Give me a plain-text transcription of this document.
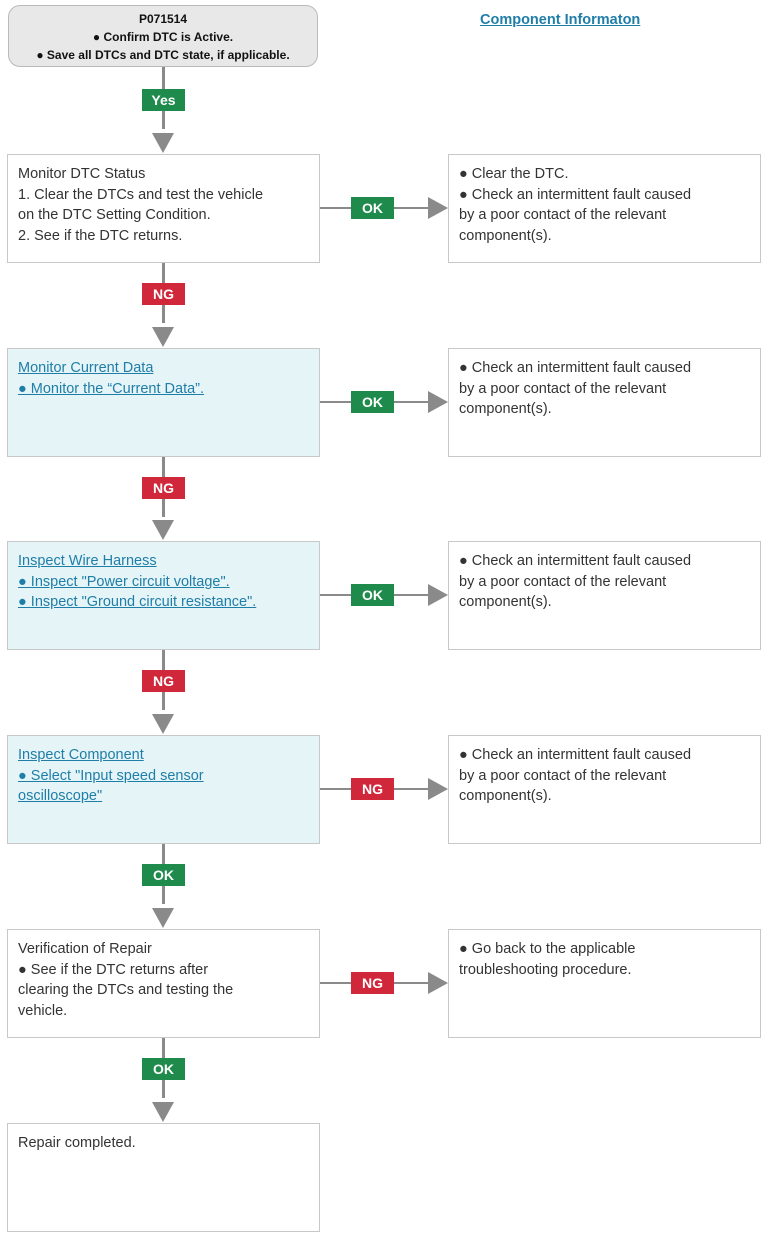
P071514
● Confirm DTC is Active.
● Save all DTCs and DTC state, if applicable.
Component Informaton
Yes
Monitor DTC Status
1. Clear the DTCs and test the vehicle
on the DTC Setting Condition.
2. See if the DTC returns.
OK
● Clear the DTC.
● Check an intermittent fault caused
by a poor contact of the relevant
component(s).
NG
Monitor Current Data
● Monitor the “Current Data”.
OK
● Check an intermittent fault caused
by a poor contact of the relevant
component(s).
NG
Inspect Wire Harness
● Inspect "Power circuit voltage".
● Inspect "Ground circuit resistance".	OK
● Check an intermittent fault caused
by a poor contact of the relevant
component(s).
NG
Inspect Component
● Select "Input speed sensor
oscilloscope"	NG
● Check an intermittent fault caused
by a poor contact of the relevant
component(s).
OK
Verification of Repair
● See if the DTC returns after
clearing the DTCs and testing the
vehicle.
NG
● Go back to the applicable
troubleshooting procedure.
OK
Repair completed.
